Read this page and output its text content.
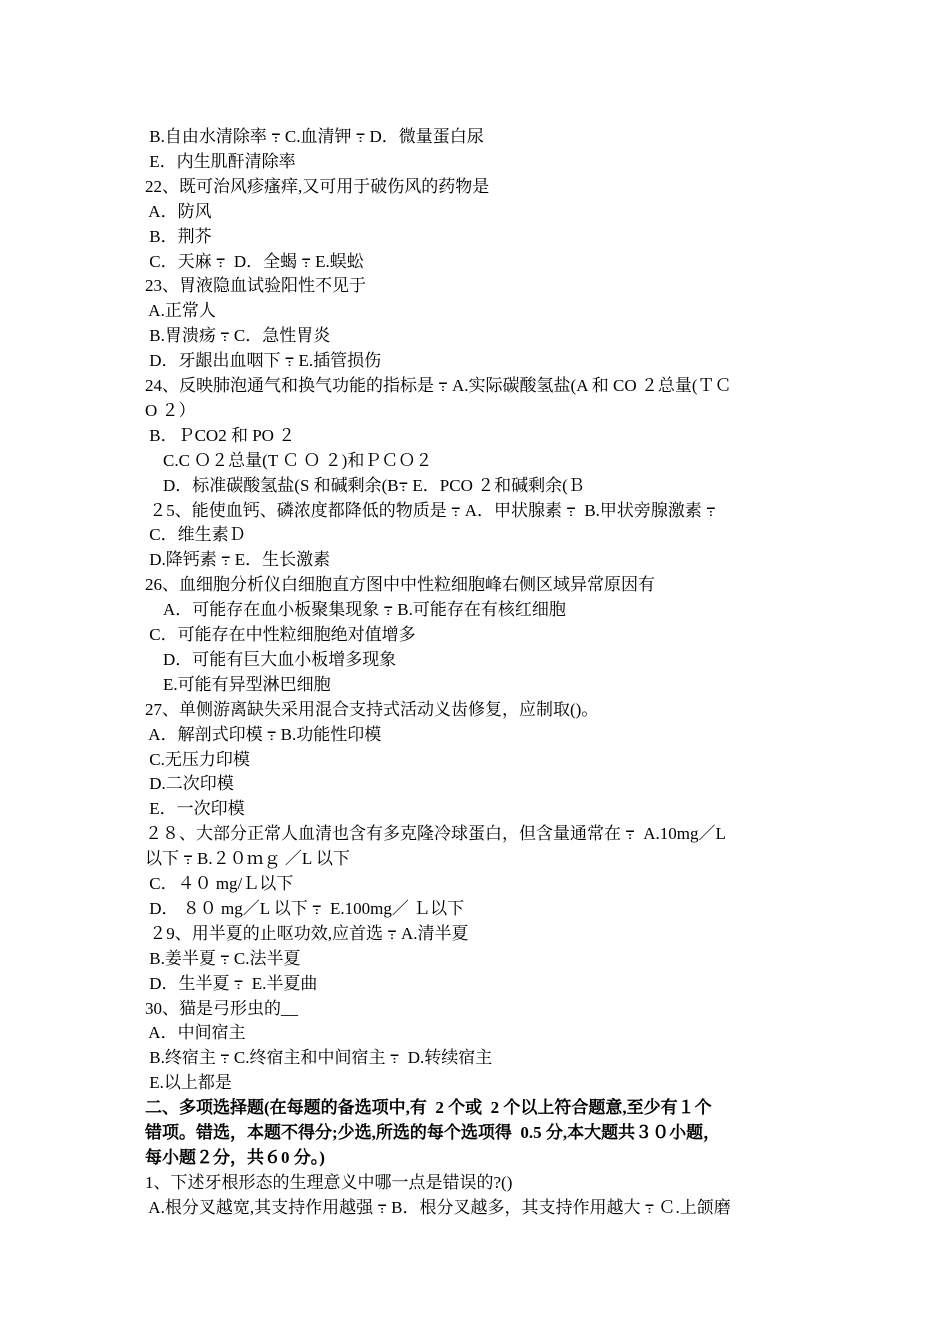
B.自由水清除率 ߹ C.血清钾 ߹ D．微量蛋白尿
E．内生肌酐清除率
22、既可治风疹瘙痒,又可用于破伤风的药物是
A．防风
B．荆芥
C．天麻 ߹  D．全蝎 ߹ E.蜈蚣
23、胃液隐血试验阳性不见于
A.正常人
B.胃溃疡 ߹ C．急性胃炎
D．牙龈出血咽下 ߹ E.插管损伤
24、反映肺泡通气和换气功能的指标是 ߹ A.实际碳酸氢盐(A 和 CO ２总量(ＴＣ
O ２）
B．ＰCO2 和 PO ２
C.C Ｏ２总量(T Ｃ Ｏ ２)和ＰＣＯ２
D．标准碳酸氢盐(S 和碱剩余(B߹ E．PCO ２和碱剩余(Ｂ
２5、能使血钙、磷浓度都降低的物质是 ߹ A．甲状腺素 ߹  B.甲状旁腺激素 ߹
C．维生素Ｄ
D.降钙素 ߹ E．生长激素
26、血细胞分析仪白细胞直方图中中性粒细胞峰右侧区域异常原因有
A．可能存在血小板聚集现象 ߹ B.可能存在有核红细胞
C．可能存在中性粒细胞绝对值增多
D．可能有巨大血小板增多现象
E.可能有异型淋巴细胞
27、单侧游离缺失采用混合支持式活动义齿修复，应制取()。
A．解剖式印模 ߹ B.功能性印模
C.无压力印模
D.二次印模
E．一次印模
２８、大部分正常人血清也含有多克隆冷球蛋白，但含量通常在 ߹  A.10mg／L
以下 ߹ B.２０ｍｇ ／L 以下
C．４０ mg/Ｌ以下
D． ８０ mg／L 以下 ߹  E.100mg／ Ｌ以下
２9、用半夏的止呕功效,应首选 ߹ A.清半夏
B.姜半夏 ߹ C.法半夏
D．生半夏 ߹  E.半夏曲
30、猫是弓形虫的__
A．中间宿主
B.终宿主 ߹ C.终宿主和中间宿主 ߹  D.转续宿主
E.以上都是
二、多项选择题(在每题的备选项中,有  2 个或  2 个以上符合题意,至少有１个
错项。错选，本题不得分;少选,所选的每个选项得  0.5 分,本大题共３０小题，
每小题２分，共６0 分。)
1、下述牙根形态的生理意义中哪一点是错误的?()
A.根分叉越宽,其支持作用越强 ߹ B．根分叉越多，其支持作用越大 ߹ Ｃ.上颌磨
